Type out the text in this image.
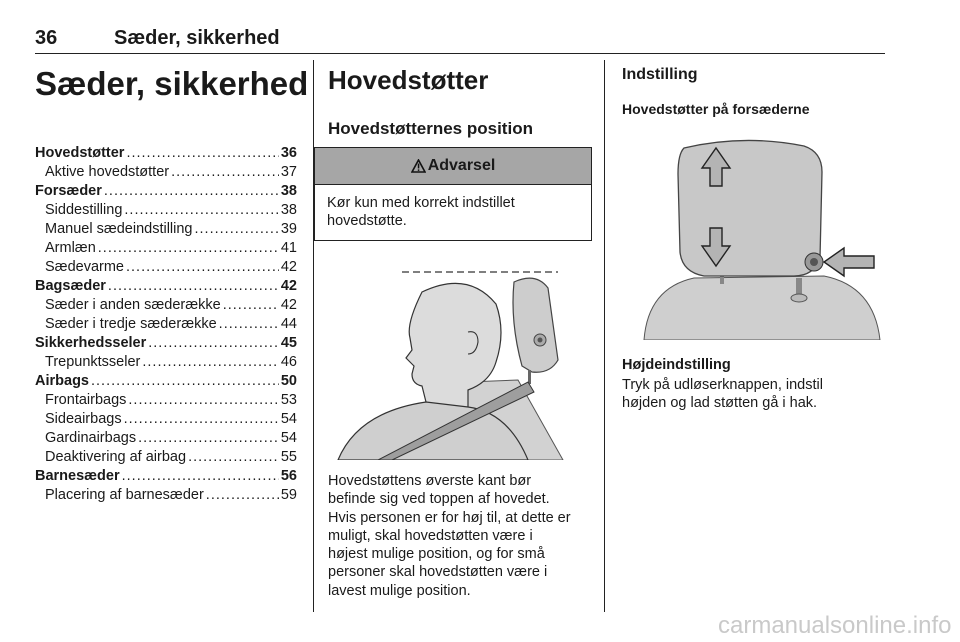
36	Sæder, sikkerhed
Sæder, sikkerhed
Hovedstøtter .....	36
Aktive hovedstøtter .....	37
Forsæder .....	38
Siddestilling .....	38
Manuel sædeindstilling .....	39
Armlæn .....	41
Sædevarme .....	42
Bagsæder .....	42
Sæder i anden sæderække .....	42
Sæder i tredje sæderække .....	44
Sikkerhedsseler .....	45
Trepunktsseler .....	46
Airbags .....	50
Frontairbags .....	53
Sideairbags .....	54
Gardinairbags .....	54
Deaktivering af airbag .....	55
Barnesæder .....	56
Placering af barnesæder .....	59
Hovedstøtter
Hovedstøtternes position
Advarsel
Kør kun med korrekt indstillet
hovedstøtte.
Hovedstøttens øverste kant bør
befinde sig ved toppen af hovedet.
Hvis personen er for høj til, at dette er
muligt, skal hovedstøtten være i
højest mulige position, og for små
personer skal hovedstøtten være i
lavest mulige position.
Indstilling
Hovedstøtter på forsæderne
Højdeindstilling
Tryk på udløserknappen, indstil
højden og lad støtten gå i hak.
carmanualsonline.info
